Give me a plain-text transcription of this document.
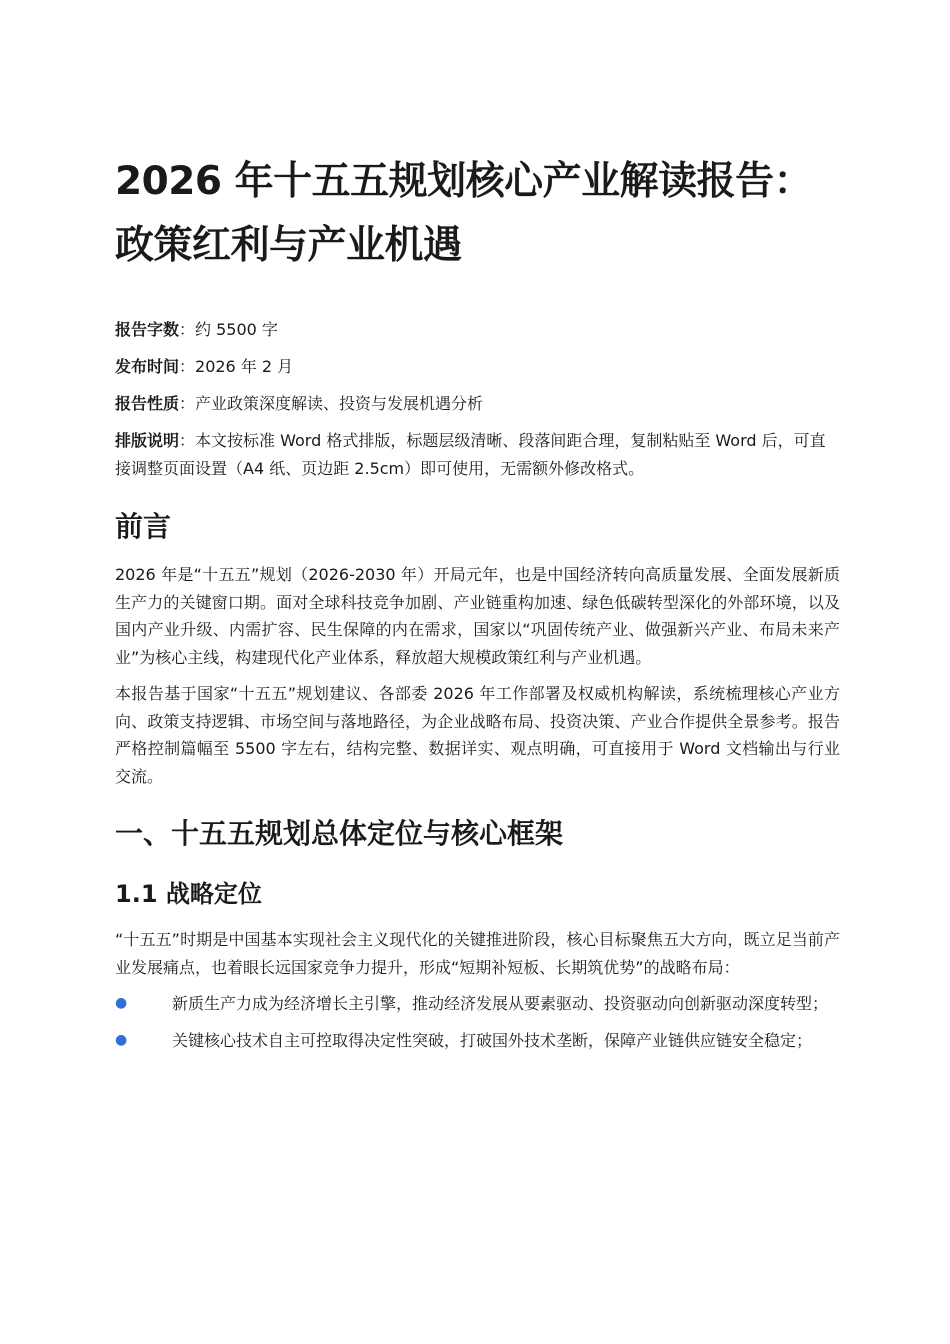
2026 年十五五规划核心产业解读报告：
政策红利与产业机遇

报告字数：约 5500 字

发布时间：2026 年 2 月

报告性质：产业政策深度解读、投资与发展机遇分析

排版说明：本文按标准 Word 格式排版，标题层级清晰、段落间距合理，复制粘贴至 Word 后，可直接调整页面设置（A4 纸、页边距 2.5cm）即可使用，无需额外修改格式。

前言

2026 年是“十五五”规划（2026-2030 年）开局元年，也是中国经济转向高质量发展、全面发展新质生产力的关键窗口期。面对全球科技竞争加剧、产业链重构加速、绿色低碳转型深化的外部环境，以及国内产业升级、内需扩容、民生保障的内在需求，国家以“巩固传统产业、做强新兴产业、布局未来产业”为核心主线，构建现代化产业体系，释放超大规模政策红利与产业机遇。

本报告基于国家“十五五”规划建议、各部委 2026 年工作部署及权威机构解读，系统梳理核心产业方向、政策支持逻辑、市场空间与落地路径，为企业战略布局、投资决策、产业合作提供全景参考。报告严格控制篇幅至 5500 字左右，结构完整、数据详实、观点明确，可直接用于 Word 文档输出与行业交流。

一、十五五规划总体定位与核心框架
1.1 战略定位

“十五五”时期是中国基本实现社会主义现代化的关键推进阶段，核心目标聚焦五大方向，既立足当前产业发展痛点，也着眼长远国家竞争力提升，形成“短期补短板、长期筑优势”的战略布局：

●	新质生产力成为经济增长主引擎，推动经济发展从要素驱动、投资驱动向创新驱动深度转型；
●	关键核心技术自主可控取得决定性突破，打破国外技术垄断，保障产业链供应链安全稳定；
